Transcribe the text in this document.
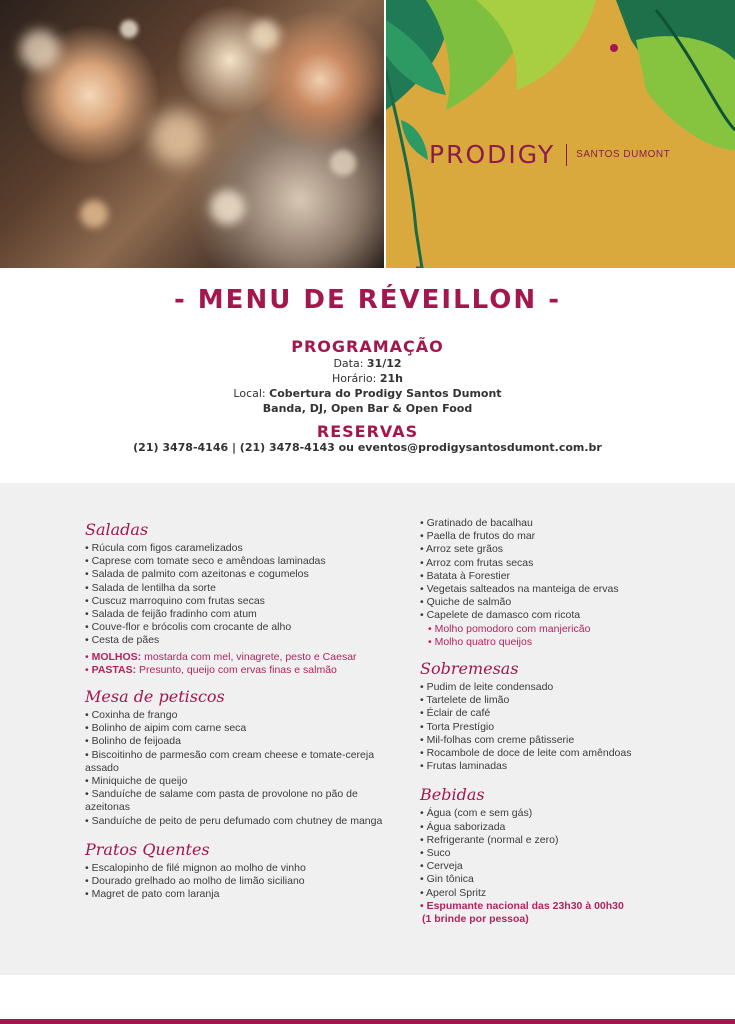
PRODIGY SANTOS DUMONT
- MENU DE RÉVEILLON -
PROGRAMAÇÃO
Data: 31/12
Horário: 21h
Local: Cobertura do Prodigy Santos Dumont
Banda, DJ, Open Bar & Open Food
RESERVAS
(21) 3478-4146 | (21) 3478-4143 ou eventos@prodigysantosdumont.com.br
Saladas
• Rúcula com figos caramelizados
• Caprese com tomate seco e amêndoas laminadas
• Salada de palmito com azeitonas e cogumelos
• Salada de lentilha da sorte
• Cuscuz marroquino com frutas secas
• Salada de feijão fradinho com atum
• Couve-flor e brócolis com crocante de alho
• Cesta de pães
• MOLHOS: mostarda com mel, vinagrete, pesto e Caesar
• PASTAS: Presunto, queijo com ervas finas e salmão
Mesa de petiscos
• Coxinha de frango
• Bolinho de aipim com carne seca
• Bolinho de feijoada
• Biscoitinho de parmesão com cream cheese e tomate-cereja assado
• Miniquiche de queijo
• Sanduíche de salame com pasta de provolone no pão de azeitonas
• Sanduíche de peito de peru defumado com chutney de manga
Pratos Quentes
• Escalopinho de filé mignon ao molho de vinho
• Dourado grelhado ao molho de limão siciliano
• Magret de pato com laranja
• Gratinado de bacalhau
• Paella de frutos do mar
• Arroz sete grãos
• Arroz com frutas secas
• Batata à Forestier
• Vegetais salteados na manteiga de ervas
• Quiche de salmão
• Capelete de damasco com ricota
• Molho pomodoro com manjericão
• Molho quatro queijos
Sobremesas
• Pudim de leite condensado
• Tartelete de limão
• Éclair de café
• Torta Prestígio
• Mil-folhas com creme pâtisserie
• Rocambole de doce de leite com amêndoas
• Frutas laminadas
Bebidas
• Água (com e sem gás)
• Água saborizada
• Refrigerante (normal e zero)
• Suco
• Cerveja
• Gin tônica
• Aperol Spritz
• Espumante nacional das 23h30 à 00h30
(1 brinde por pessoa)
